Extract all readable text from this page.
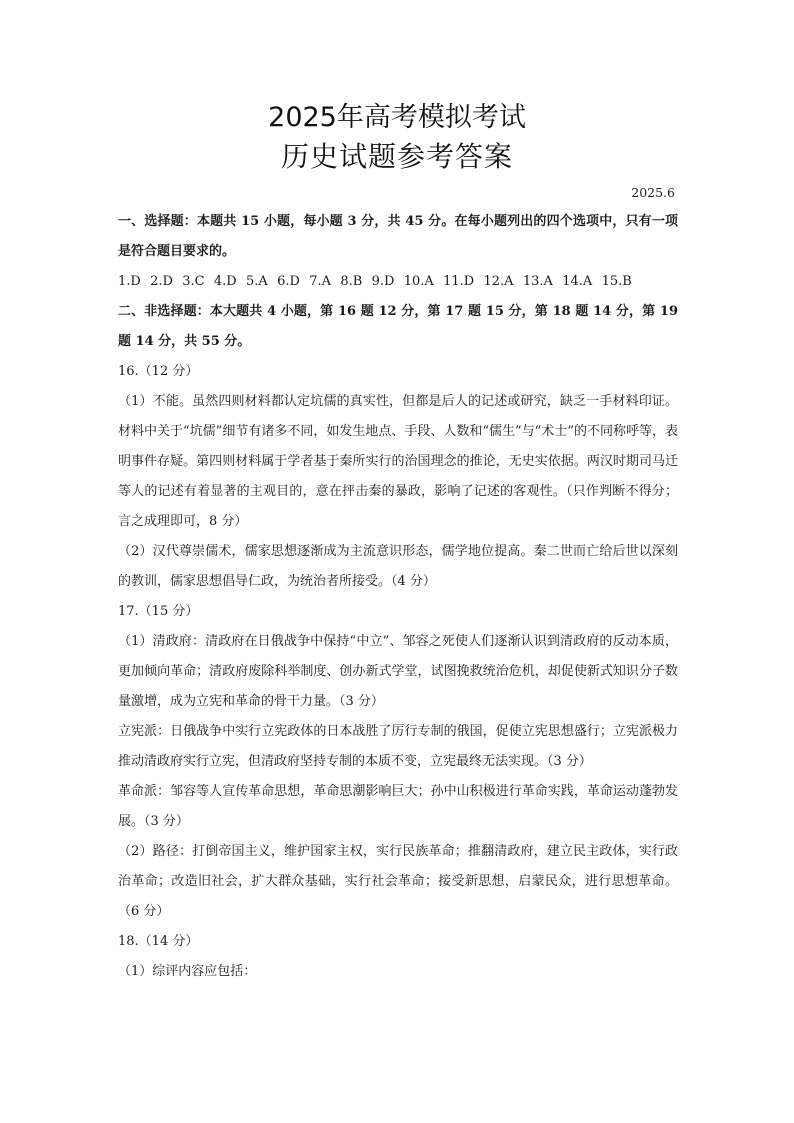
2025年高考模拟考试
历史试题参考答案
2025.6

一、选择题：本题共 15 小题，每小题 3 分，共 45 分。在每小题列出的四个选项中，只有一项是符合题目要求的。

1.D 2.D 3.C 4.D 5.A 6.D 7.A 8.B 9.D 10.A 11.D 12.A 13.A 14.A 15.B

二、非选择题：本大题共 4 小题，第 16 题 12 分，第 17 题 15 分，第 18 题 14 分，第 19 题 14 分，共 55 分。

16.（12 分）

（1）不能。虽然四则材料都认定坑儒的真实性，但都是后人的记述或研究，缺乏一手材料印证。材料中关于“坑儒”细节有诸多不同，如发生地点、手段、人数和“儒生”与“术士”的不同称呼等，表明事件存疑。第四则材料属于学者基于秦所实行的治国理念的推论，无史实依据。两汉时期司马迁等人的记述有着显著的主观目的，意在抨击秦的暴政，影响了记述的客观性。（只作判断不得分；言之成理即可，8 分）

（2）汉代尊崇儒术，儒家思想逐渐成为主流意识形态，儒学地位提高。秦二世而亡给后世以深刻的教训，儒家思想倡导仁政，为统治者所接受。（4 分）

17.（15 分）

（1）清政府：清政府在日俄战争中保持“中立”、邹容之死使人们逐渐认识到清政府的反动本质，更加倾向革命；清政府废除科举制度、创办新式学堂，试图挽救统治危机，却促使新式知识分子数量激增，成为立宪和革命的骨干力量。（3 分）

立宪派：日俄战争中实行立宪政体的日本战胜了厉行专制的俄国，促使立宪思想盛行；立宪派极力推动清政府实行立宪，但清政府坚持专制的本质不变，立宪最终无法实现。（3 分）

革命派：邹容等人宣传革命思想，革命思潮影响巨大；孙中山积极进行革命实践，革命运动蓬勃发展。（3 分）

（2）路径：打倒帝国主义，维护国家主权，实行民族革命；推翻清政府，建立民主政体，实行政治革命；改造旧社会，扩大群众基础，实行社会革命；接受新思想，启蒙民众，进行思想革命。（6 分）

18.（14 分）

（1）综评内容应包括：
